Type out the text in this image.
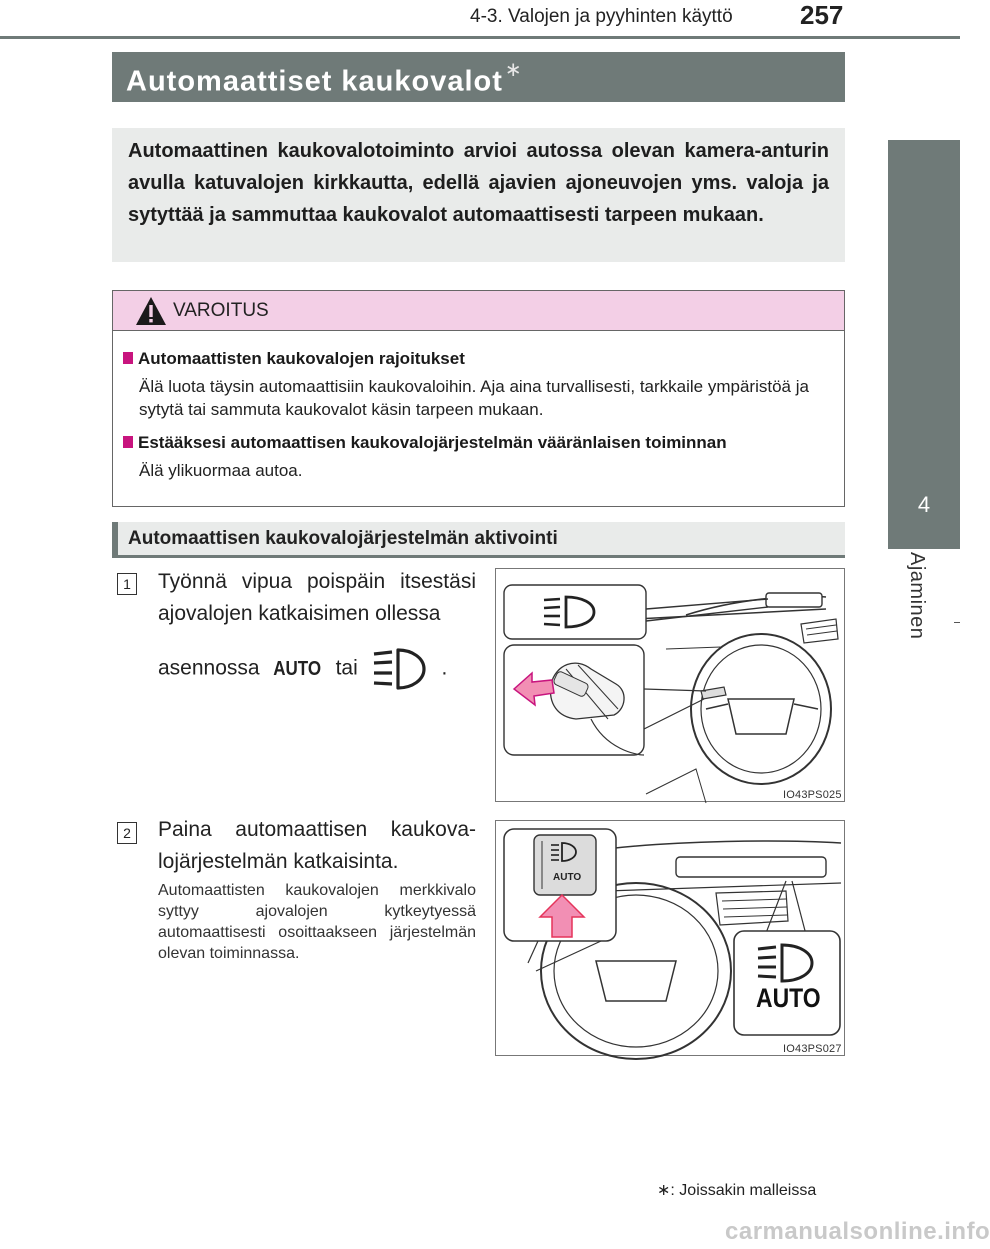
4-3. Valojen ja pyyhinten käyttö	257
4
Ajaminen
Automaattiset kaukovalot ∗

Automaattinen kaukovalotoiminto arvioi autossa olevan kamera-anturin avulla katuvalojen kirkkautta, edellä ajavien ajoneuvojen yms. valoja ja sytyttää ja sammuttaa kaukovalot automaattisesti tarpeen mukaan.

VAROITUS
Automaattisten kaukovalojen rajoitukset

Älä luota täysin automaattisiin kaukovaloihin. Aja aina turvallisesti, tarkkaile ympäristöä ja sytytä tai sammuta kaukovalot käsin tarpeen mukaan.

Estääksesi automaattisen kaukovalojärjestelmän vääränlaisen toiminnan

Älä ylikuormaa autoa.

Automaattisen kaukovalojärjestelmän aktivointi
1 Työnnä vipua poispäin itsestäsi ajovalojen katkaisimen ollessa
asennossa AUTO tai	.
IO43PS025
2 Paina automaattisen kaukova-lojärjestelmän katkaisinta.
Automaattisten kaukovalojen merkkivalo syttyy ajovalojen kytkeytyessä automaattisesti osoittaakseen järjestelmän olevan toiminnassa.
AUTO
AUTO
IO43PS027
∗: Joissakin malleissa
carmanualsonline.info
